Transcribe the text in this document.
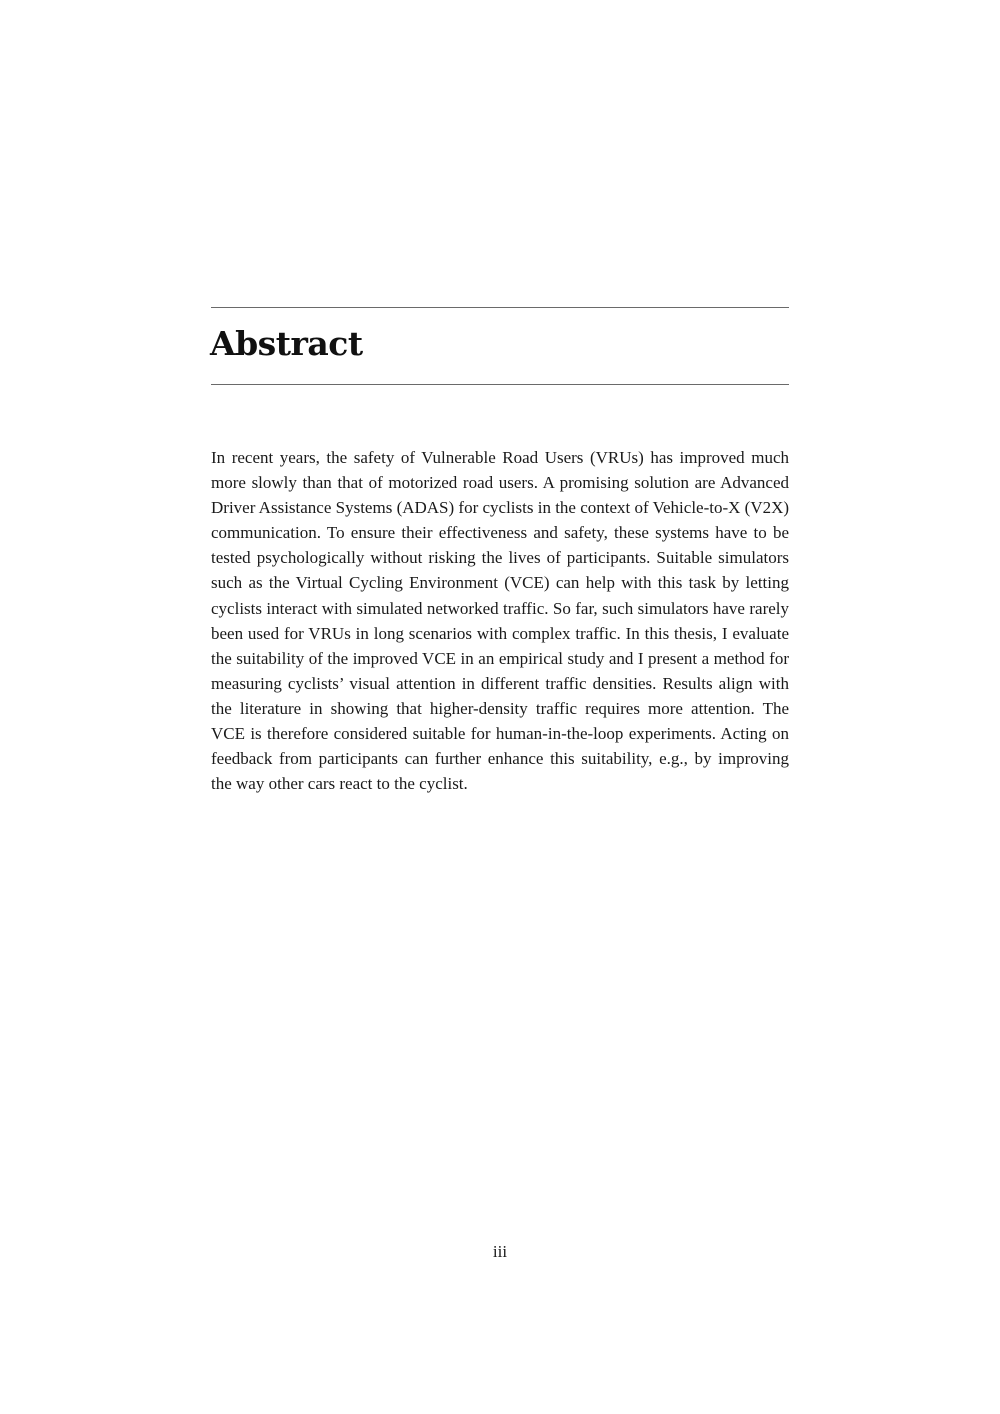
Abstract

In recent years, the safety of Vulnerable Road Users (VRUs) has improved much
more slowly than that of motorized road users. A promising solution are Advanced
Driver Assistance Systems (ADAS) for cyclists in the context of Vehicle-to-X (V2X)
communication. To ensure their effectiveness and safety, these systems have to be
tested psychologically without risking the lives of participants. Suitable simulators
such as the Virtual Cycling Environment (VCE) can help with this task by letting
cyclists interact with simulated networked traffic. So far, such simulators have rarely
been used for VRUs in long scenarios with complex traffic. In this thesis, I evaluate
the suitability of the improved VCE in an empirical study and I present a method for
measuring cyclists’ visual attention in different traffic densities. Results align with
the literature in showing that higher-density traffic requires more attention. The
VCE is therefore considered suitable for human-in-the-loop experiments. Acting on
feedback from participants can further enhance this suitability, e.g., by improving
the way other cars react to the cyclist.

iii
